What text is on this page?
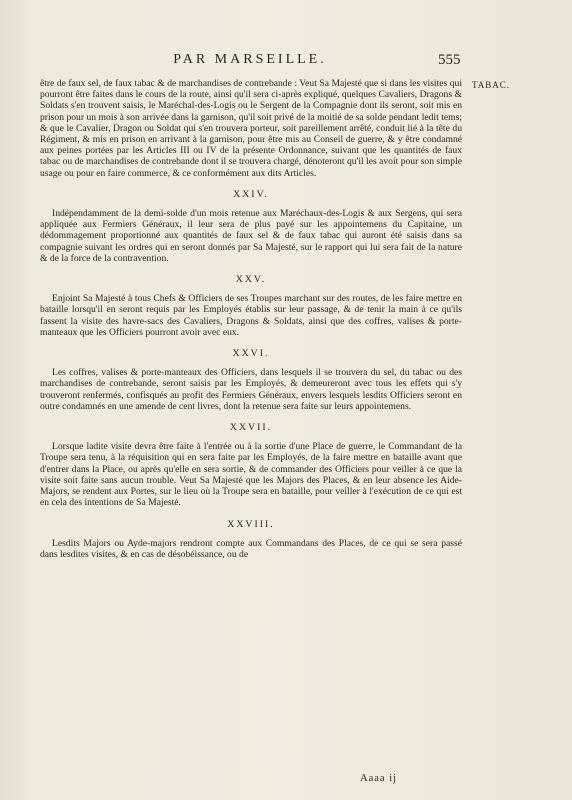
PAR MARSEILLE.	555
TABAC.

être de faux sel, de faux tabac & de marchandises de contrebande : Veut Sa Majesté que si dans les visites qui pourront être faites dans le cours de la route, ainsi qu'il sera ci-après expliqué, quelques Cavaliers, Dragons & Soldats s'en trouvent saisis, le Maréchal-des-Logis ou le Sergent de la Compagnie dont ils seront, soit mis en prison pour un mois à son arrivée dans la garnison, qu'il soit privé de la moitié de sa solde pendant ledit tems; & que le Cavalier, Dragon ou Soldat qui s'en trouvera porteur, soit pareillement arrêté, conduit lié à la tête du Régiment, & mis en prison en arrivant à la garnison, pour être mis au Conseil de guerre, & y être condamné aux peines portées par les Articles III ou IV de la présente Ordonnance, suivant que les quantités de faux tabac ou de marchandises de contrebande dont il se trouvera chargé, dénoteront qu'il les avoit pour son simple usage ou pour en faire commerce, & ce conformément aux dits Articles.

XXIV.

Indépendamment de la demi-solde d'un mois retenue aux Maréchaux-des-Logis & aux Sergens, qui sera appliquée aux Fermiers Généraux, il leur sera de plus payé sur les appointemens du Capitaine, un dédommagement proportionné aux quantités de faux sel & de faux tabac qui auront été saisis dans sa compagnie suivant les ordres qui en seront donnés par Sa Majesté, sur le rapport qui lui sera fait de la nature & de la force de la contravention.

XXV.

Enjoint Sa Majesté à tous Chefs & Officiers de ses Troupes marchant sur des routes, de les faire mettre en bataille lorsqu'il en seront requis par les Employés établis sur leur passage, & de tenir la main à ce qu'ils fassent la visite des havre-sacs des Cavaliers, Dragons & Soldats, ainsi que des coffres, valises & porte-manteaux que les Officiers pourront avoir avec eux.

XXVI.

Les coffres, valises & porte-manteaux des Officiers, dans lesquels il se trouvera du sel, du tabac ou des marchandises de contrebande, seront saisis par les Employés, & demeureront avec tous les effets qui s'y trouveront renfermés, confisqués au profit des Fermiers Généraux, envers lesquels lesdits Officiers seront en outre condamnés en une amende de cent livres, dont la retenue sera faite sur leurs appointemens.

XXVII.

Lorsque ladite visite devra être faite à l'entrée ou à la sortie d'une Place de guerre, le Commandant de la Troupe sera tenu, à la réquisition qui en sera faite par les Employés, de la faire mettre en bataille avant que d'entrer dans la Place, ou après qu'elle en sera sortie, & de commander des Officiers pour veiller à ce que la visite soit faite sans aucun trouble. Veut Sa Majesté que les Majors des Places, & en leur absence les Aide-Majors, se rendent aux Portes, sur le lieu où la Troupe sera en bataille, pour veiller à l'exécution de ce qui est en cela des intentions de Sa Majesté.

XXVIII.

Lesdits Majors ou Ayde-majors rendront compte aux Commandans des Places, de ce qui se sera passé dans lesdites visites, & en cas de désobéissance, ou de

Aaaa ij
